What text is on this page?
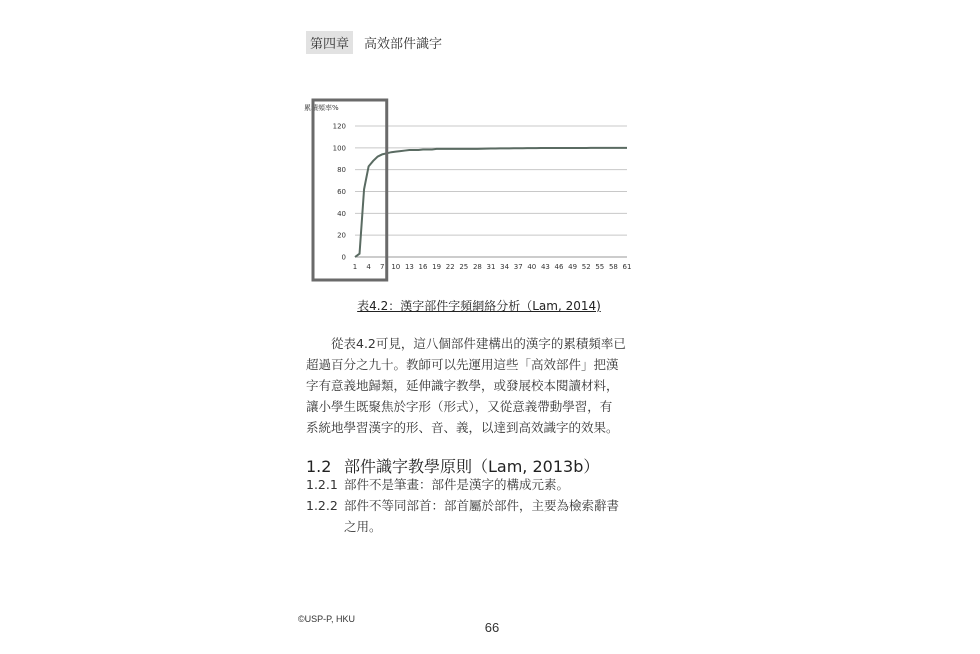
第四章	高效部件識字
0
20
40
60
80
100
120
1 4 7 10 13 16 19 22 25 28 31 34 37 40 43 46 49 52 55 58 61
累積頻率%
表4.2：漢字部件字頻網絡分析（Lam, 2014)
　　從表4.2可見，這八個部件建構出的漢字的累積頻率已
超過百分之九十。教師可以先運用這些「高效部件」把漢
字有意義地歸類，延伸識字教學，或發展校本閱讀材料，
讓小學生既聚焦於字形（形式），又從意義帶動學習，有
系統地學習漢字的形、音、義，以達到高效識字的效果。
1.2 部件識字教學原則（Lam, 2013b）
1.2.1 部件不是筆畫：部件是漢字的構成元素。
1.2.2 部件不等同部首：部首屬於部件，主要為檢索辭書
之用。
©USP-P, HKU
66
